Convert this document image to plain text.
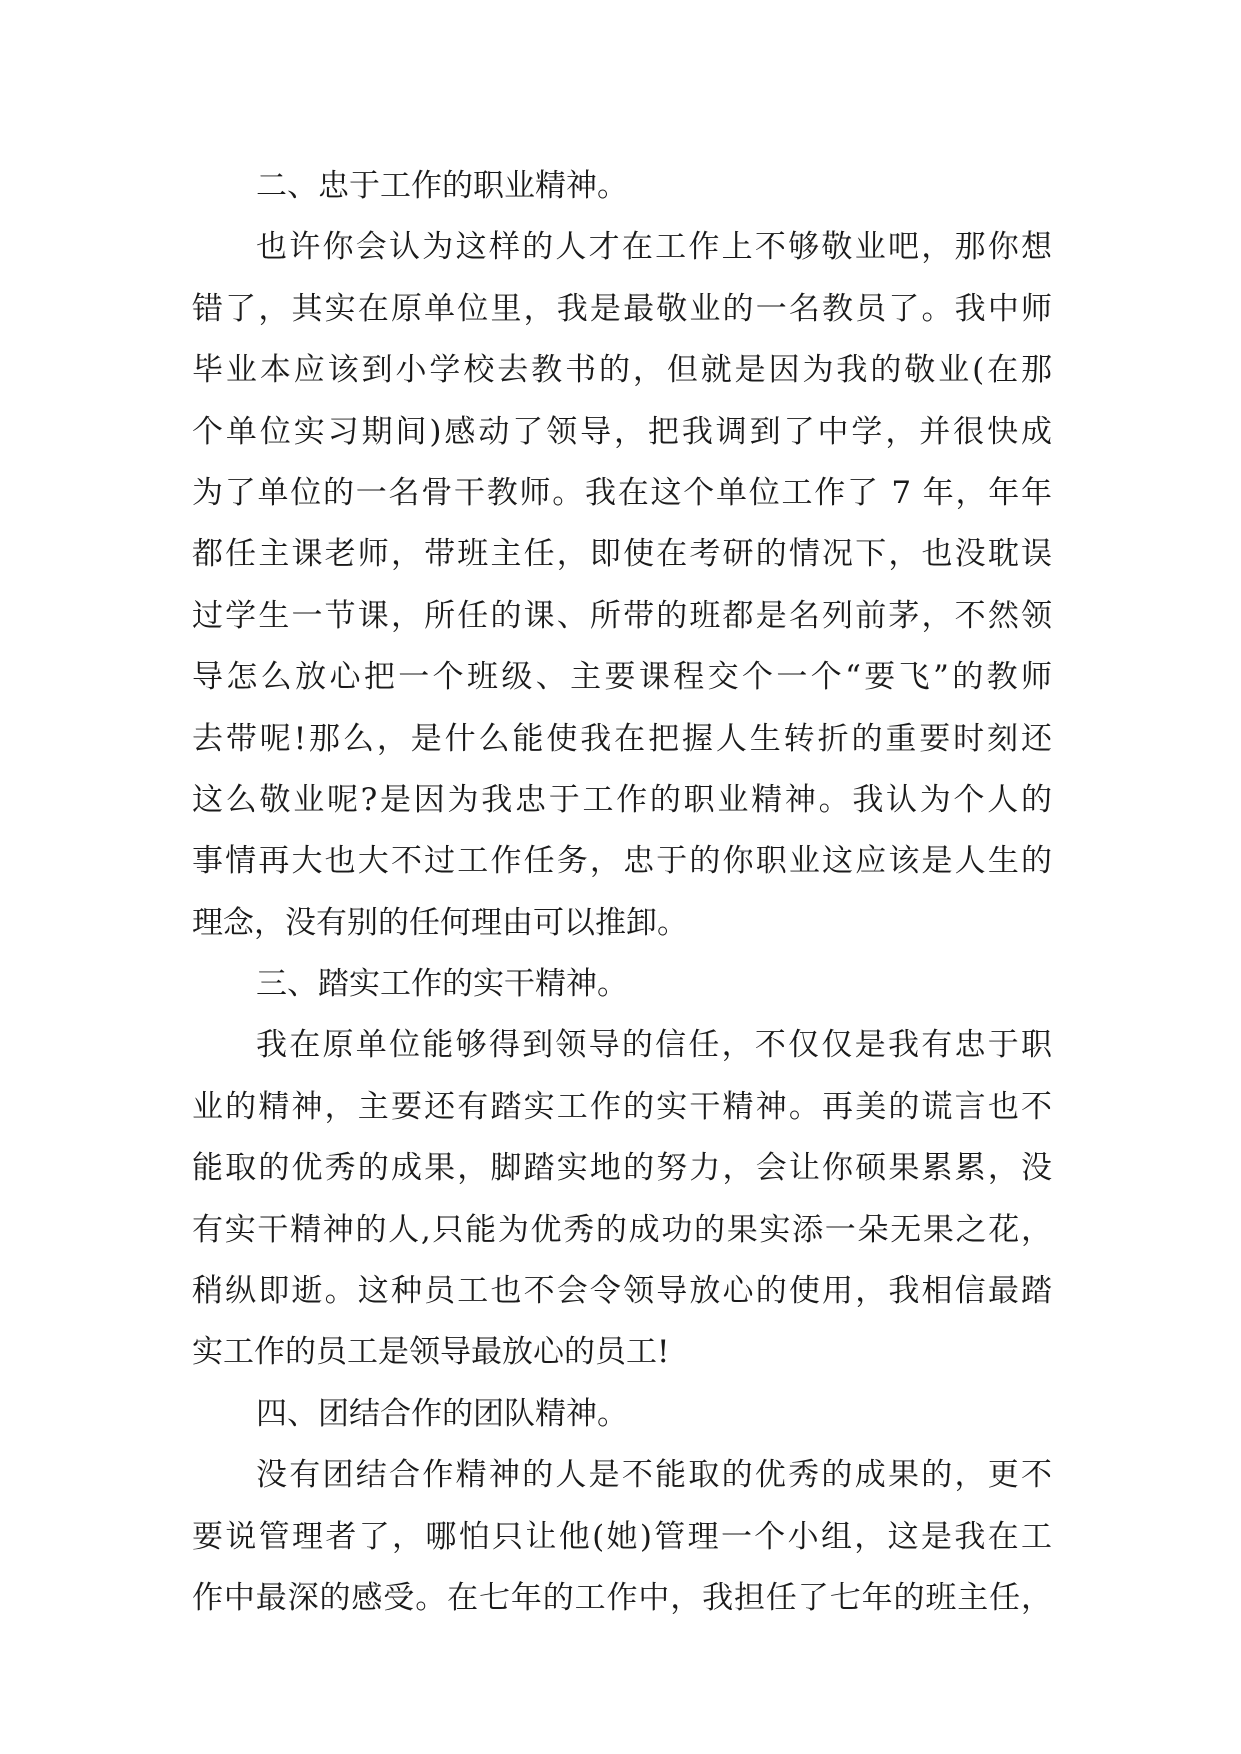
二、忠于工作的职业精神。
也许你会认为这样的人才在工作上不够敬业吧，那你想
错了，其实在原单位里，我是最敬业的一名教员了。我中师
毕业本应该到小学校去教书的，但就是因为我的敬业(在那
个单位实习期间)感动了领导，把我调到了中学，并很快成
为了单位的一名骨干教师。我在这个单位工作了 7 年，年年
都任主课老师，带班主任，即使在考研的情况下，也没耽误
过学生一节课，所任的课、所带的班都是名列前茅，不然领
导怎么放心把一个班级、主要课程交个一个“要飞”的教师
去带呢!那么，是什么能使我在把握人生转折的重要时刻还
这么敬业呢?是因为我忠于工作的职业精神。我认为个人的
事情再大也大不过工作任务，忠于的你职业这应该是人生的
理念，没有别的任何理由可以推卸。
三、踏实工作的实干精神。
我在原单位能够得到领导的信任，不仅仅是我有忠于职
业的精神，主要还有踏实工作的实干精神。再美的谎言也不
能取的优秀的成果，脚踏实地的努力，会让你硕果累累，没
有实干精神的人,只能为优秀的成功的果实添一朵无果之花，
稍纵即逝。这种员工也不会令领导放心的使用，我相信最踏
实工作的员工是领导最放心的员工!
四、团结合作的团队精神。
没有团结合作精神的人是不能取的优秀的成果的，更不
要说管理者了，哪怕只让他(她)管理一个小组，这是我在工
作中最深的感受。在七年的工作中，我担任了七年的班主任，
